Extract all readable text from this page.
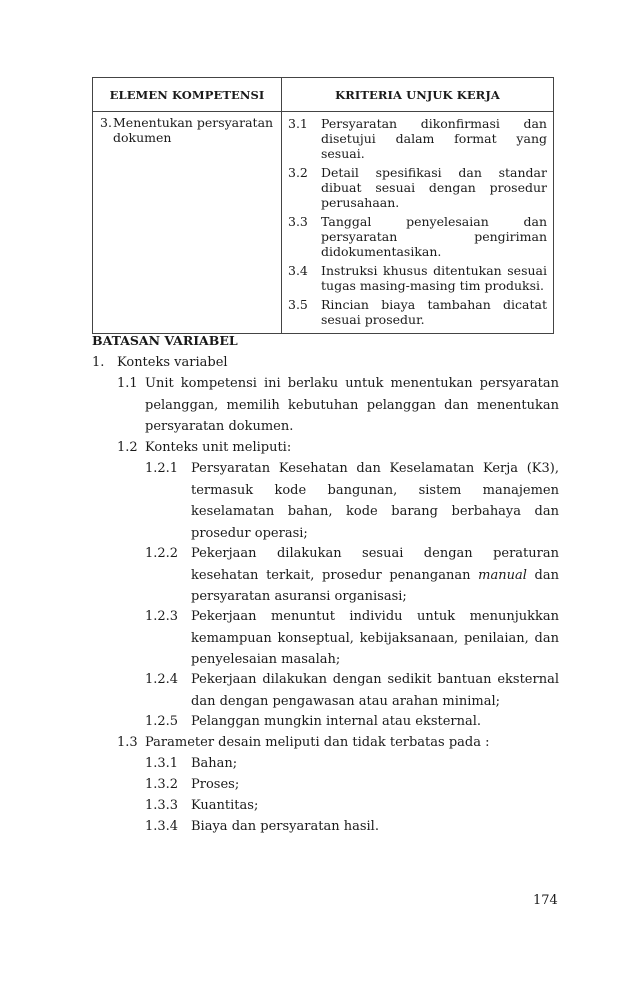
ELEMEN KOMPETENSI	KRITERIA UNJUK KERJA

3. Menentukan persyaratan dokumen

3.1	Persyaratan dikonfirmasi dan disetujui dalam format yang sesuai.
3.2	Detail spesifikasi dan standar dibuat sesuai dengan prosedur perusahaan.
3.3	Tanggal penyelesaian dan persyaratan pengiriman didokumentasikan.
3.4	Instruksi khusus ditentukan sesuai tugas masing-masing tim produksi.
3.5	Rincian biaya tambahan dicatat sesuai prosedur.
BATASAN VARIABEL
1. Konteks variabel
1.1 Unit kompetensi ini berlaku untuk menentukan persyaratan pelanggan, memilih kebutuhan pelanggan dan menentukan persyaratan dokumen.
1.2 Konteks unit meliputi:
1.2.1 Persyaratan Kesehatan dan Keselamatan Kerja (K3), termasuk kode bangunan, sistem manajemen keselamatan bahan, kode barang berbahaya dan prosedur operasi;
1.2.2 Pekerjaan dilakukan sesuai dengan peraturan kesehatan terkait, prosedur penanganan manual dan persyaratan asuransi organisasi;
1.2.3 Pekerjaan menuntut individu untuk menunjukkan kemampuan konseptual, kebijaksanaan, penilaian, dan penyelesaian masalah;
1.2.4 Pekerjaan dilakukan dengan sedikit bantuan eksternal dan dengan pengawasan atau arahan minimal;
1.2.5 Pelanggan mungkin internal atau eksternal.
1.3 Parameter desain meliputi dan tidak terbatas pada :
1.3.1 Bahan;
1.3.2 Proses;
1.3.3 Kuantitas;
1.3.4 Biaya dan persyaratan hasil.
174
